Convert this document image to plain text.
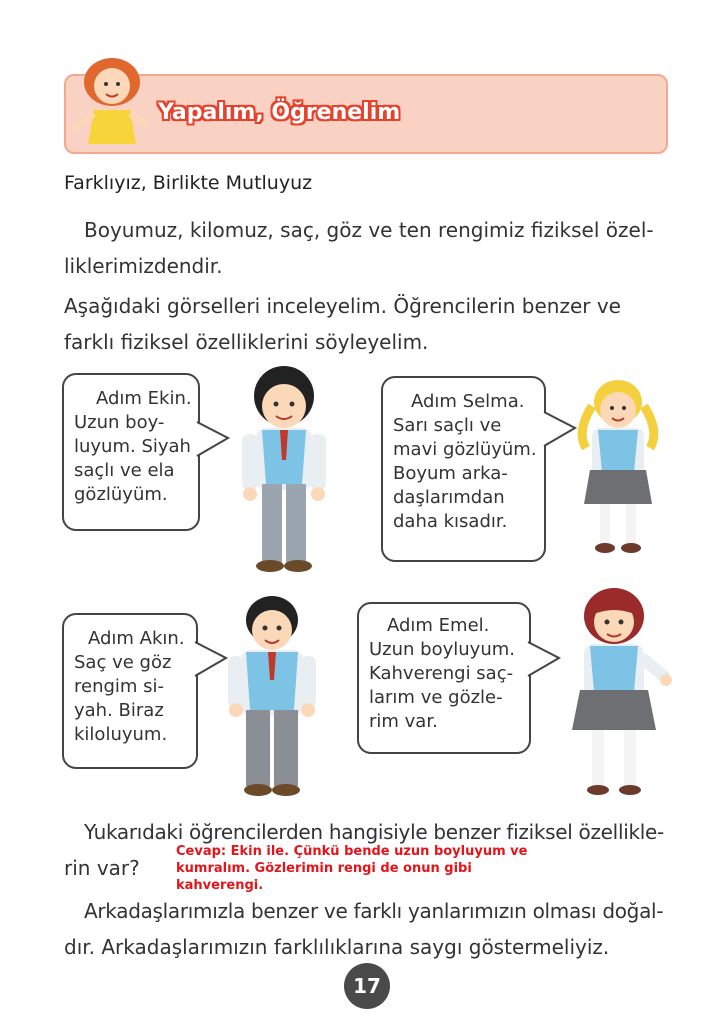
Yapalım, Öğrenelim
Farklıyız, Birlikte Mutluyuz
Boyumuz, kilomuz, saç, göz ve ten rengimiz fiziksel özel-
liklerimizdendir.
Aşağıdaki görselleri inceleyelim. Öğrencilerin benzer ve
farklı fiziksel özelliklerini söyleyelim.
Adım Ekin.
Uzun boy-
luyum. Siyah
saçlı ve ela
gözlüyüm.
Adım Selma.
Sarı saçlı ve
mavi gözlüyüm.
Boyum arka-
daşlarımdan
daha kısadır.
Adım Akın.
Saç ve göz
rengim si-
yah. Biraz
kiloluyum.
Adım Emel.
Uzun boyluyum.
Kahverengi saç-
larım ve gözle-
rim var.
Yukarıdaki öğrencilerden hangisiyle benzer fiziksel özellikle-
rin var?
Cevap: Ekin ile. Çünkü bende uzun boyluyum ve
kumralım. Gözlerimin rengi de onun gibi
kahverengi.
Arkadaşlarımızla benzer ve farklı yanlarımızın olması doğal-
dır. Arkadaşlarımızın farklılıklarına saygı göstermeliyiz.
17
